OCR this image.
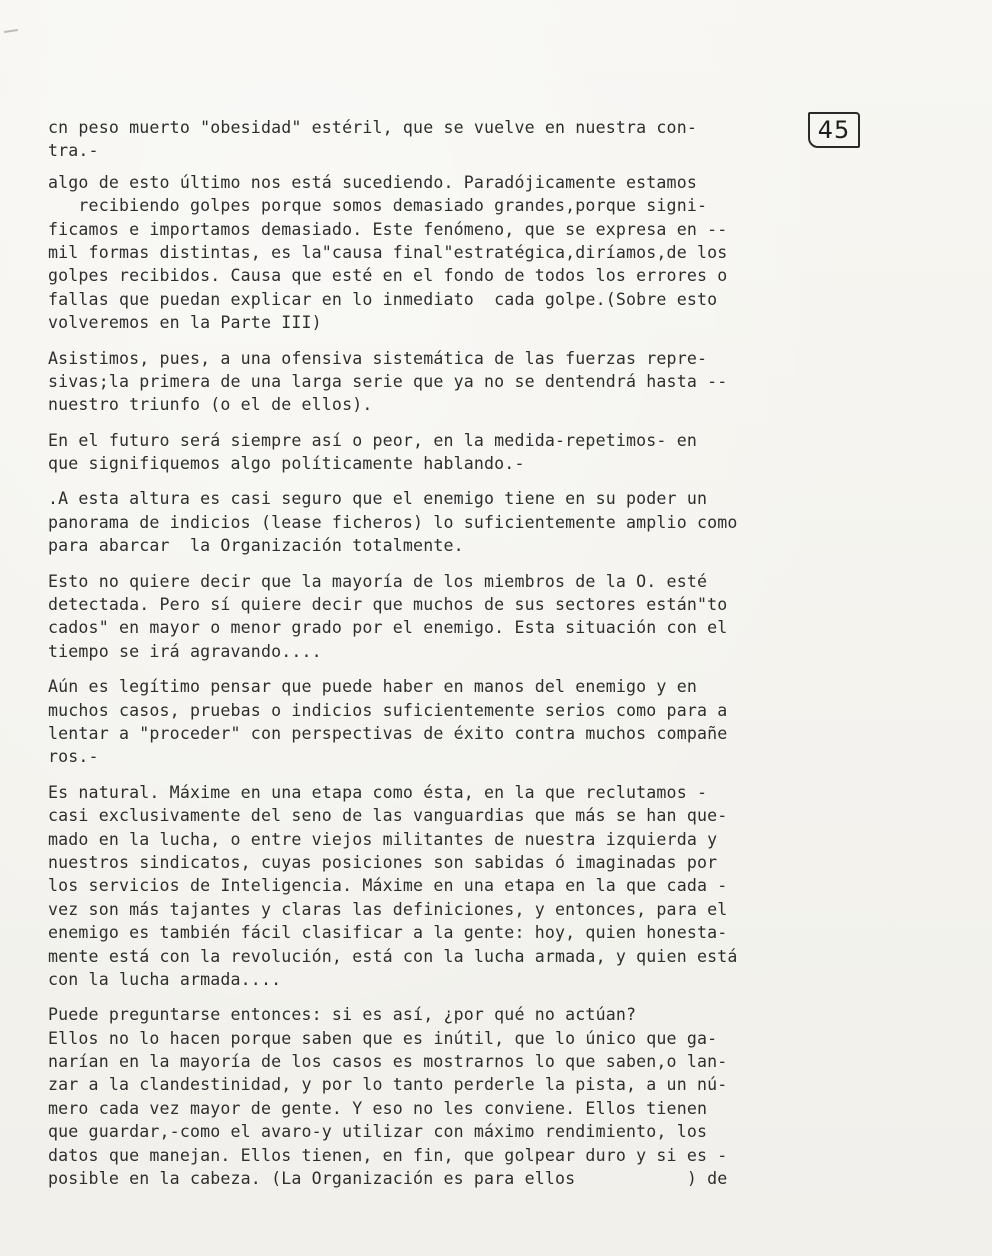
45
cn peso muerto "obesidad" estéril, que se vuelve en nuestra con-
tra.-
algo de esto último nos está sucediendo. Paradójicamente estamos
recibiendo golpes porque somos demasiado grandes,porque signi-
ficamos e importamos demasiado. Este fenómeno, que se expresa en --
mil formas distintas, es la"causa final"estratégica,diríamos,de los
golpes recibidos. Causa que esté en el fondo de todos los errores o
fallas que puedan explicar en lo inmediato  cada golpe.(Sobre esto
volveremos en la Parte III)
Asistimos, pues, a una ofensiva sistemática de las fuerzas repre-
sivas;la primera de una larga serie que ya no se dentendrá hasta --
nuestro triunfo (o el de ellos).
En el futuro será siempre así o peor, en la medida-repetimos- en
que signifiquemos algo políticamente hablando.-
.A esta altura es casi seguro que el enemigo tiene en su poder un
panorama de indicios (lease ficheros) lo suficientemente amplio como
para abarcar  la Organización totalmente.
Esto no quiere decir que la mayoría de los miembros de la O. esté
detectada. Pero sí quiere decir que muchos de sus sectores están"to
cados" en mayor o menor grado por el enemigo. Esta situación con el
tiempo se irá agravando....
Aún es legítimo pensar que puede haber en manos del enemigo y en
muchos casos, pruebas o indicios suficientemente serios como para a
lentar a "proceder" con perspectivas de éxito contra muchos compañe
ros.-
Es natural. Máxime en una etapa como ésta, en la que reclutamos -
casi exclusivamente del seno de las vanguardias que más se han que-
mado en la lucha, o entre viejos militantes de nuestra izquierda y
nuestros sindicatos, cuyas posiciones son sabidas ó imaginadas por
los servicios de Inteligencia. Máxime en una etapa en la que cada -
vez son más tajantes y claras las definiciones, y entonces, para el
enemigo es también fácil clasificar a la gente: hoy, quien honesta-
mente está con la revolución, está con la lucha armada, y quien está
con la lucha armada....
Puede preguntarse entonces: si es así, ¿por qué no actúan?
Ellos no lo hacen porque saben que es inútil, que lo único que ga-
narían en la mayoría de los casos es mostrarnos lo que saben,o lan-
zar a la clandestinidad, y por lo tanto perderle la pista, a un nú-
mero cada vez mayor de gente. Y eso no les conviene. Ellos tienen
que guardar,-como el avaro-y utilizar con máximo rendimiento, los
datos que manejan. Ellos tienen, en fin, que golpear duro y si es -
posible en la cabeza. (La Organización es para ellos           ) de
